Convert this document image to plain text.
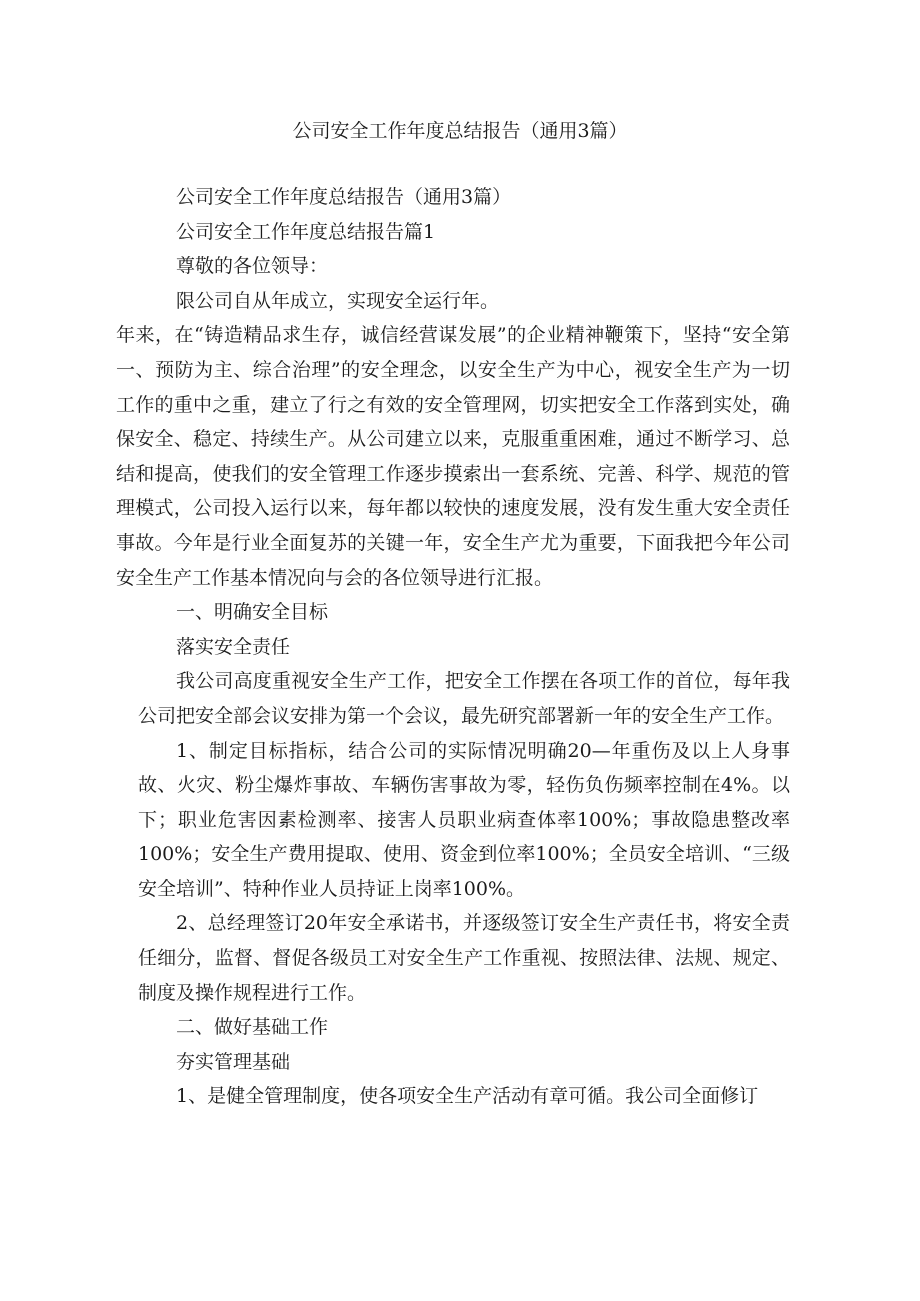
公司安全工作年度总结报告（通用3篇）

公司安全工作年度总结报告（通用3篇）

公司安全工作年度总结报告篇1

尊敬的各位领导：

限公司自从年成立，实现安全运行年。

年来，在“铸造精品求生存，诚信经营谋发展”的企业精神鞭策下，坚持“安全第一、预防为主、综合治理”的安全理念，以安全生产为中心，视安全生产为一切工作的重中之重，建立了行之有效的安全管理网，切实把安全工作落到实处，确保安全、稳定、持续生产。从公司建立以来，克服重重困难，通过不断学习、总结和提高，使我们的安全管理工作逐步摸索出一套系统、完善、科学、规范的管理模式，公司投入运行以来，每年都以较快的速度发展，没有发生重大安全责任事故。今年是行业全面复苏的关键一年，安全生产尤为重要，下面我把今年公司安全生产工作基本情况向与会的各位领导进行汇报。

一、明确安全目标

落实安全责任

我公司高度重视安全生产工作，把安全工作摆在各项工作的首位，每年我公司把安全部会议安排为第一个会议，最先研究部署新一年的安全生产工作。

1、制定目标指标，结合公司的实际情况明确20—年重伤及以上人身事故、火灾、粉尘爆炸事故、车辆伤害事故为零，轻伤负伤频率控制在4%。以下；职业危害因素检测率、接害人员职业病查体率100%；事故隐患整改率100%；安全生产费用提取、使用、资金到位率100%；全员安全培训、“三级安全培训”、特种作业人员持证上岗率100%。

2、总经理签订20年安全承诺书，并逐级签订安全生产责任书，将安全责任细分，监督、督促各级员工对安全生产工作重视、按照法律、法规、规定、制度及操作规程进行工作。

二、做好基础工作

夯实管理基础

1、是健全管理制度，使各项安全生产活动有章可循。我公司全面修订
